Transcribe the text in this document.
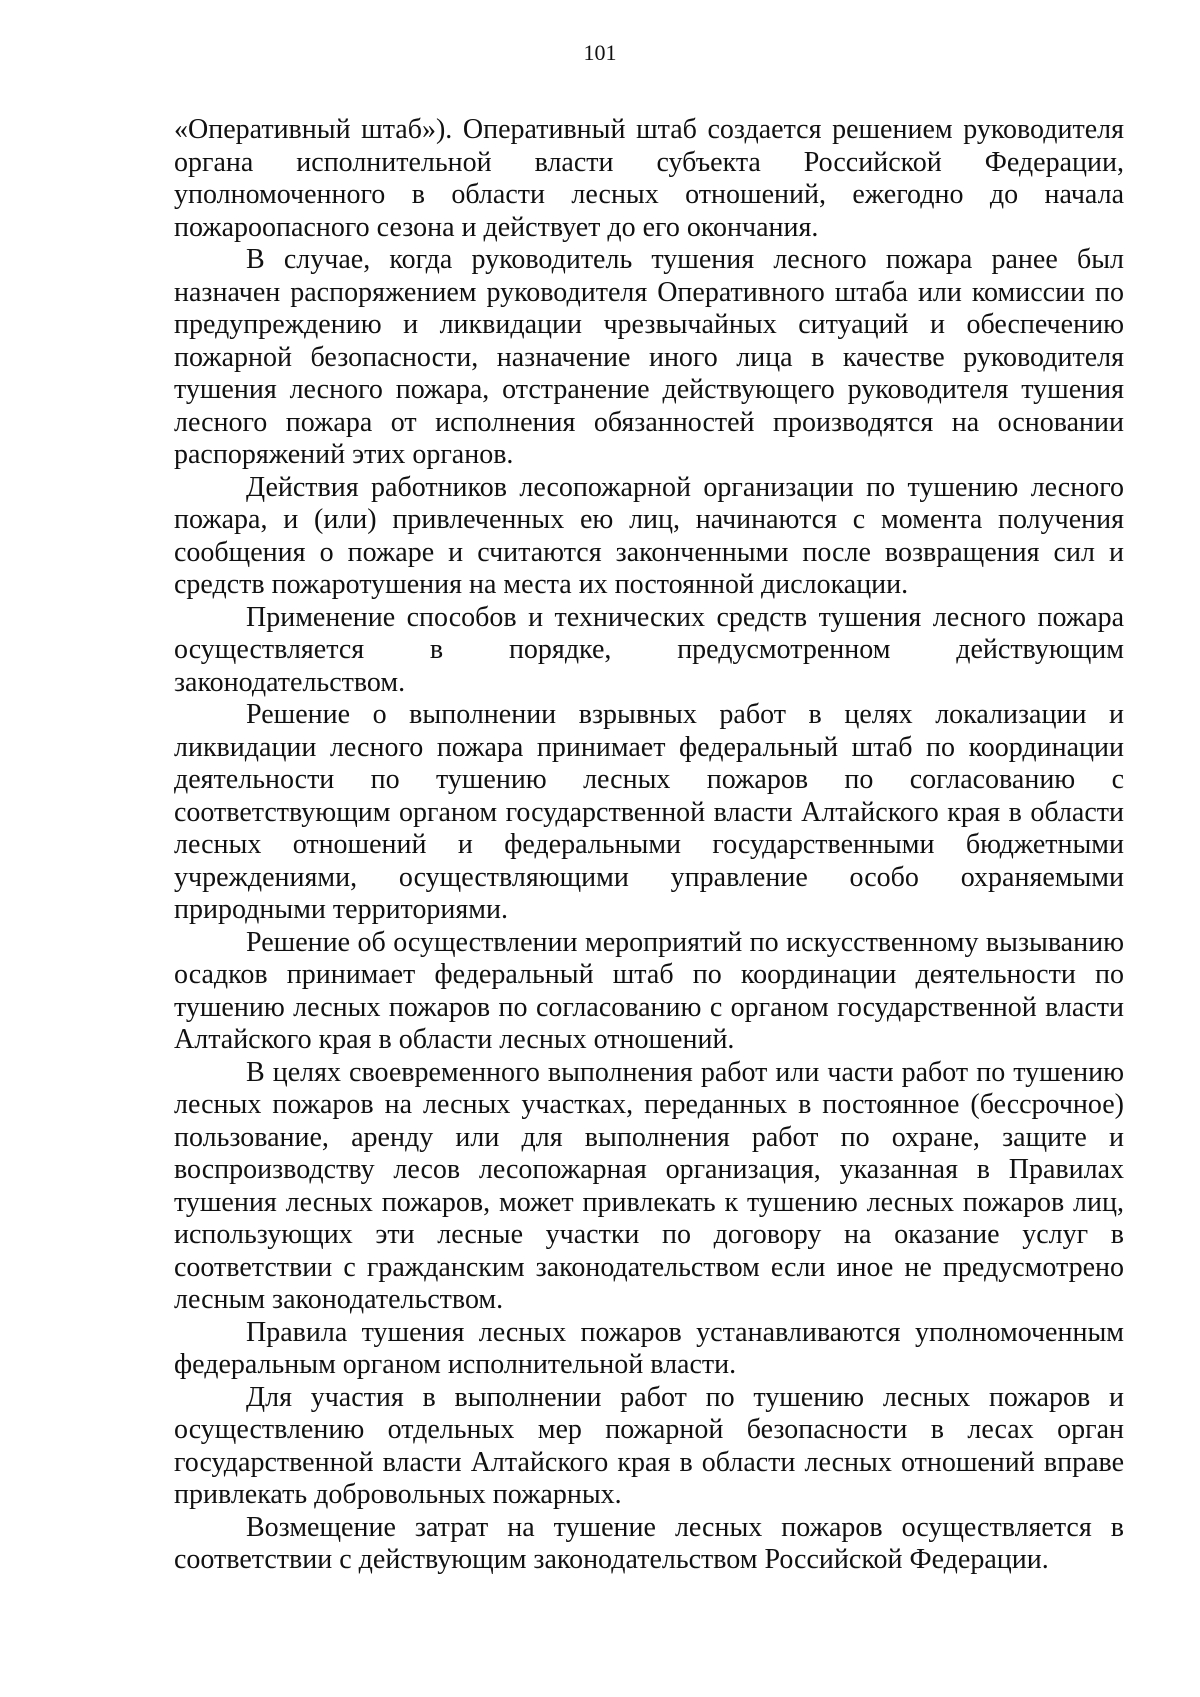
101

«Оперативный штаб»). Оперативный штаб создается решением руководителя органа исполнительной власти субъекта Российской Федерации, уполномоченного в области лесных отношений, ежегодно до начала пожароопасного сезона и действует до его окончания.

В случае, когда руководитель тушения лесного пожара ранее был назначен распоряжением руководителя Оперативного штаба или комиссии по предупреждению и ликвидации чрезвычайных ситуаций и обеспечению пожарной безопасности, назначение иного лица в качестве руководителя тушения лесного пожара, отстранение действующего руководителя тушения лесного пожара от исполнения обязанностей производятся на основании распоряжений этих органов.

Действия работников лесопожарной организации по тушению лесного пожара, и (или) привлеченных ею лиц, начинаются с момента получения сообщения о пожаре и считаются законченными после возвращения сил и средств пожаротушения на места их постоянной дислокации.

Применение способов и технических средств тушения лесного пожара осуществляется в порядке, предусмотренном действующим законодательством.

Решение о выполнении взрывных работ в целях локализации и ликвидации лесного пожара принимает федеральный штаб по координации деятельности по тушению лесных пожаров по согласованию с соответствующим органом государственной власти Алтайского края в области лесных отношений и федеральными государственными бюджетными учреждениями, осуществляющими управление особо охраняемыми природными территориями.

Решение об осуществлении мероприятий по искусственному вызыванию осадков принимает федеральный штаб по координации деятельности по тушению лесных пожаров по согласованию с органом государственной власти Алтайского края в области лесных отношений.

В целях своевременного выполнения работ или части работ по тушению лесных пожаров на лесных участках, переданных в постоянное (бессрочное) пользование, аренду или для выполнения работ по охране, защите и воспроизводству лесов лесопожарная организация, указанная в Правилах тушения лесных пожаров, может привлекать к тушению лесных пожаров лиц, использующих эти лесные участки по договору на оказание услуг в соответствии с гражданским законодательством если иное не предусмотрено лесным законодательством.

Правила тушения лесных пожаров устанавливаются уполномоченным федеральным органом исполнительной власти.

Для участия в выполнении работ по тушению лесных пожаров и осуществлению отдельных мер пожарной безопасности в лесах орган государственной власти Алтайского края в области лесных отношений вправе привлекать добровольных пожарных.

Возмещение затрат на тушение лесных пожаров осуществляется в соответствии с действующим законодательством Российской Федерации.
